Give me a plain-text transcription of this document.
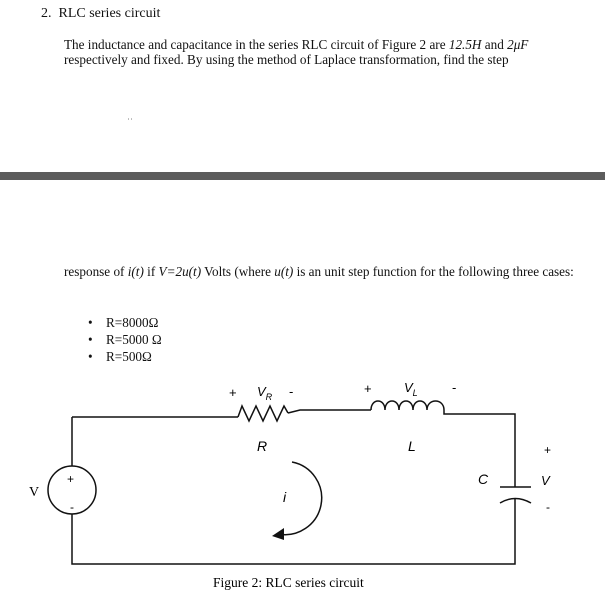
2. RLC series circuit
The inductance and capacitance in the series RLC circuit of Figure 2 are 12.5H and 2μF respectively and fixed. By using the method of Laplace transformation, find the step
˙˙
response of i(t) if V=2u(t) Volts (where u(t) is an unit step function for the following three cases:
• R=8000Ω
• R=5000 Ω
• R=500Ω
+ $V_R$ -	+ $V_L$	-
R	L
C
i
V
+
-
+
V
-
Figure 2: RLC series circuit
